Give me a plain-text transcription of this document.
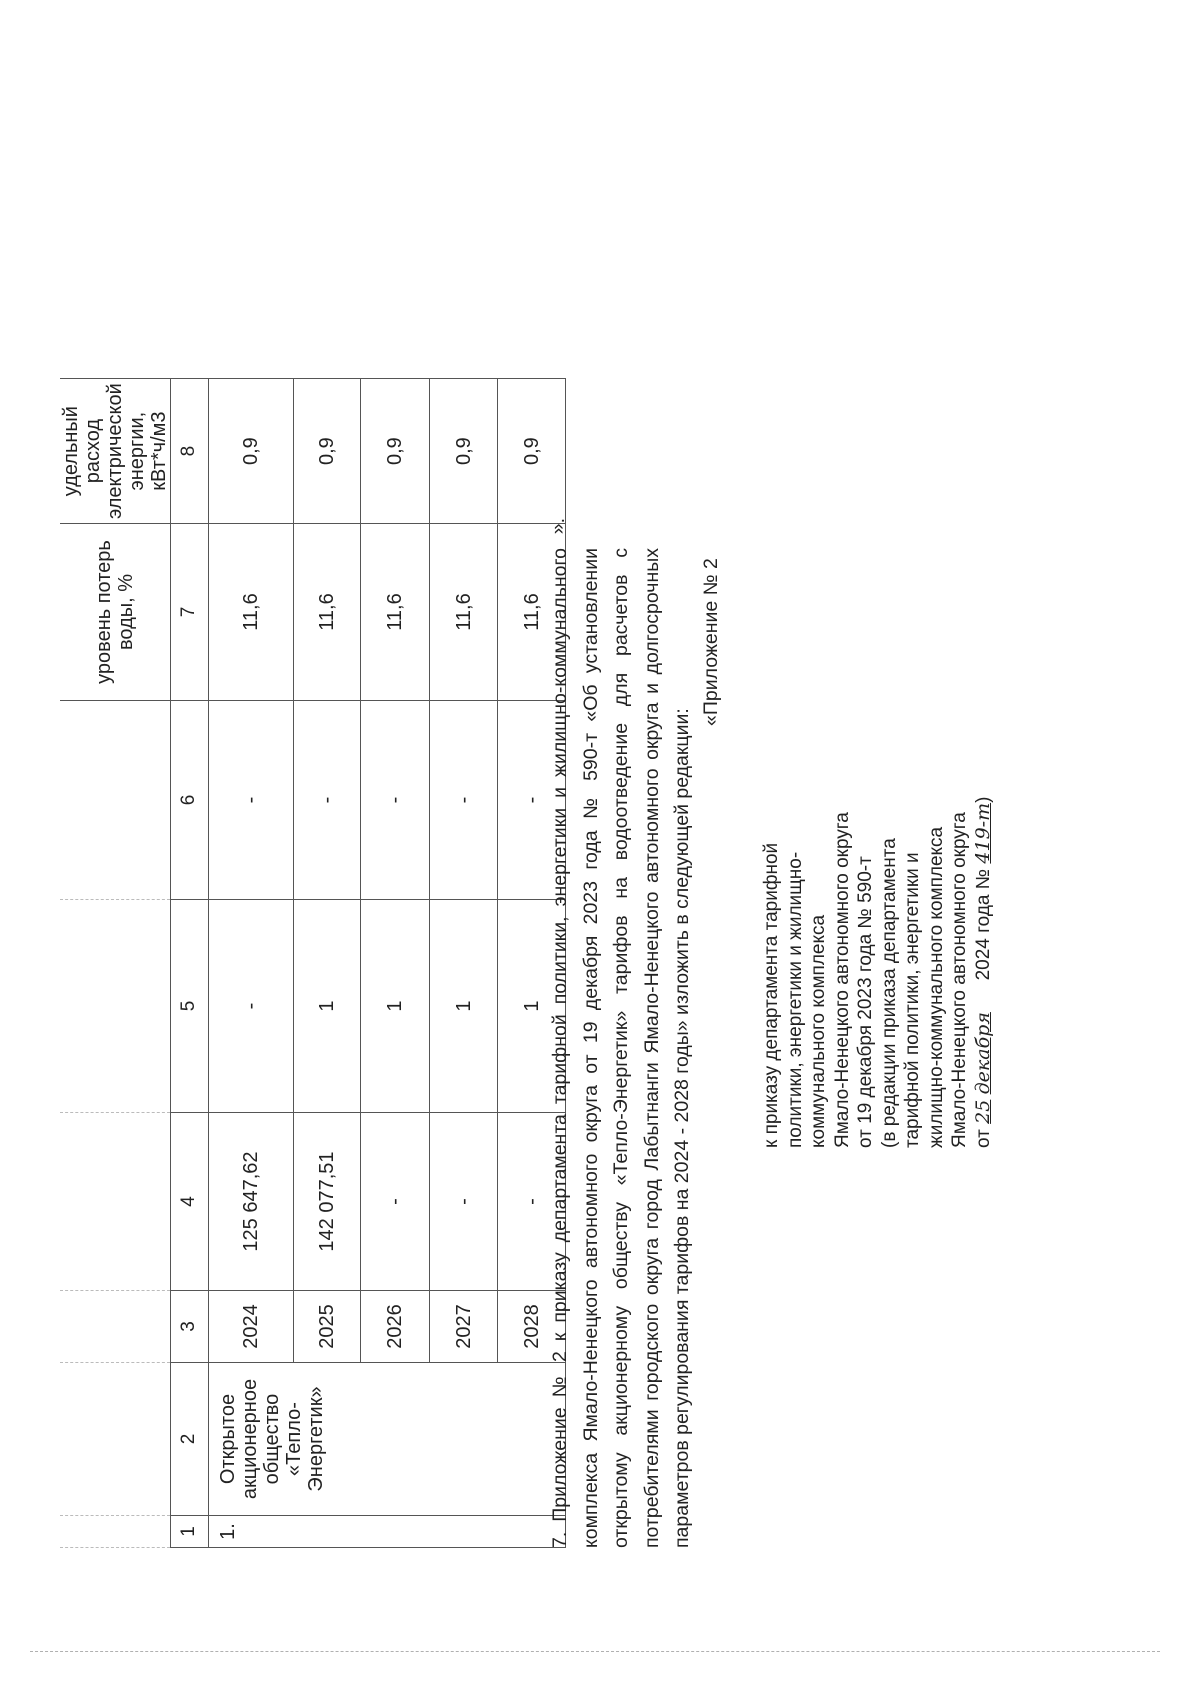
						уровень потерь воды, %	удельный расход электрической энергии, кВт*ч/м3
1	2	3	4	5	6	7	8
1.	Открытое акционерное общество «Тепло-Энергетик»	2024	125 647,62	-	-	11,6	0,9
		2025	142 077,51	1	-	11,6	0,9
		2026	-	1	-	11,6	0,9
		2027	-	1	-	11,6	0,9
		2028	-	1	-	11,6	0,9

7. Приложение № 2 к приказу департамента тарифной политики, энергетики и жилищно-коммунального комплекса Ямало-Ненецкого автономного округа от 19 декабря 2023 года № 590-т «Об установлении открытому акционерному обществу «Тепло-Энергетик» тарифов на водоотведение для расчетов с потребителями городского округа город Лабытнанги Ямало-Ненецкого автономного округа и долгосрочных параметров регулирования тарифов на 2024 - 2028 годы» изложить в следующей редакции:
».

«Приложение № 2

к приказу департамента тарифной политики, энергетики и жилищно- коммунального комплекса Ямало-Ненецкого автономного округа от 19 декабря 2023 года № 590-т (в редакции приказа департамента тарифной политики, энергетики и жилищно-коммунального комплекса Ямало-Ненецкого автономного округа от 25 декабря      2024 года № 419-т)
